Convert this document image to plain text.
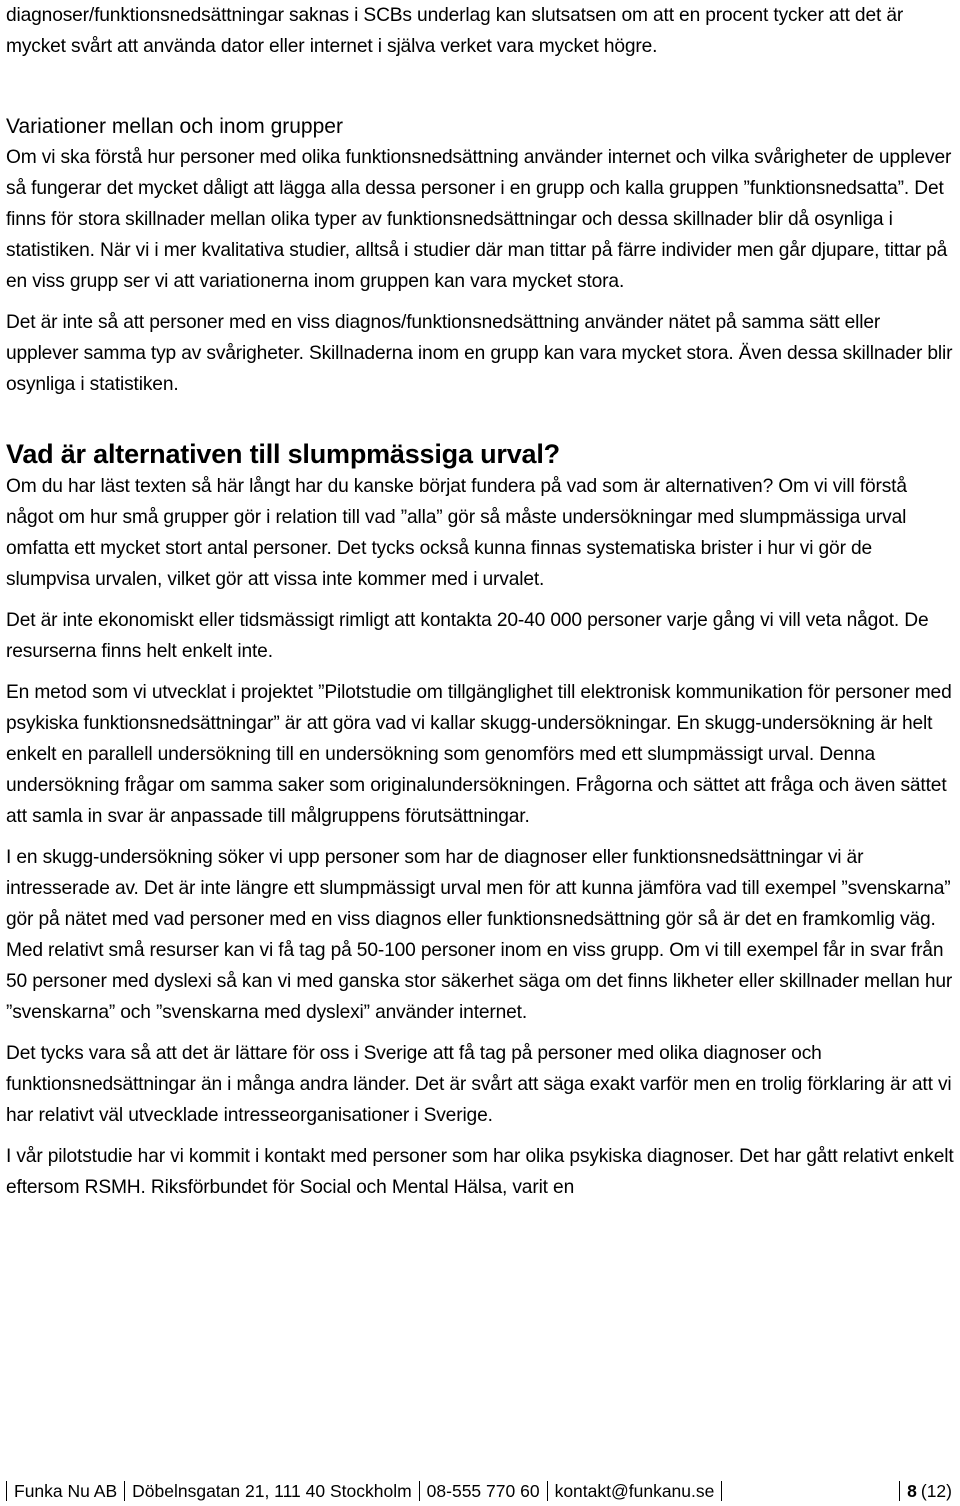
diagnoser/funktionsnedsättningar saknas i SCBs underlag kan slutsatsen om att en procent tycker att det är mycket svårt att använda dator eller internet i själva verket vara mycket högre.

Variationer mellan och inom grupper

Om vi ska förstå hur personer med olika funktionsnedsättning använder internet och vilka svårigheter de upplever så fungerar det mycket dåligt att lägga alla dessa personer i en grupp och kalla gruppen ”funktionsnedsatta”. Det finns för stora skillnader mellan olika typer av funktionsnedsättningar och dessa skillnader blir då osynliga i statistiken. När vi i mer kvalitativa studier, alltså i studier där man tittar på färre individer men går djupare, tittar på en viss grupp ser vi att variationerna inom gruppen kan vara mycket stora.

Det är inte så att personer med en viss diagnos/funktionsnedsättning använder nätet på samma sätt eller upplever samma typ av svårigheter. Skillnaderna inom en grupp kan vara mycket stora. Även dessa skillnader blir osynliga i statistiken.

Vad är alternativen till slumpmässiga urval?

Om du har läst texten så här långt har du kanske börjat fundera på vad som är alternativen? Om vi vill förstå något om hur små grupper gör i relation till vad ”alla” gör så måste undersökningar med slumpmässiga urval omfatta ett mycket stort antal personer. Det tycks också kunna finnas systematiska brister i hur vi gör de slumpvisa urvalen, vilket gör att vissa inte kommer med i urvalet.

Det är inte ekonomiskt eller tidsmässigt rimligt att kontakta 20-40 000 personer varje gång vi vill veta något. De resurserna finns helt enkelt inte.

En metod som vi utvecklat i projektet ”Pilotstudie om tillgänglighet till elektronisk kommunikation för personer med psykiska funktionsnedsättningar” är att göra vad vi kallar skugg-undersökningar. En skugg-undersökning är helt enkelt en parallell undersökning till en undersökning som genomförs med ett slumpmässigt urval. Denna undersökning frågar om samma saker som originalundersökningen. Frågorna och sättet att fråga och även sättet att samla in svar är anpassade till målgruppens förutsättningar.

I en skugg-undersökning söker vi upp personer som har de diagnoser eller funktionsnedsättningar vi är intresserade av. Det är inte längre ett slumpmässigt urval men för att kunna jämföra vad till exempel ”svenskarna” gör på nätet med vad personer med en viss diagnos eller funktionsnedsättning gör så är det en framkomlig väg. Med relativt små resurser kan vi få tag på 50-100 personer inom en viss grupp. Om vi till exempel får in svar från 50 personer med dyslexi så kan vi med ganska stor säkerhet säga om det finns likheter eller skillnader mellan hur ”svenskarna” och ”svenskarna med dyslexi” använder internet.

Det tycks vara så att det är lättare för oss i Sverige att få tag på personer med olika diagnoser och funktionsnedsättningar än i många andra länder. Det är svårt att säga exakt varför men en trolig förklaring är att vi har relativt väl utvecklade intresseorganisationer i Sverige.

I vår pilotstudie har vi kommit i kontakt med personer som har olika psykiska diagnoser. Det har gått relativt enkelt eftersom RSMH. Riksförbundet för Social och Mental Hälsa, varit en

Funka Nu AB Döbelnsgatan 21, 111 40 Stockholm 08-555 770 60 kontakt@funkanu.se	8 (12)
